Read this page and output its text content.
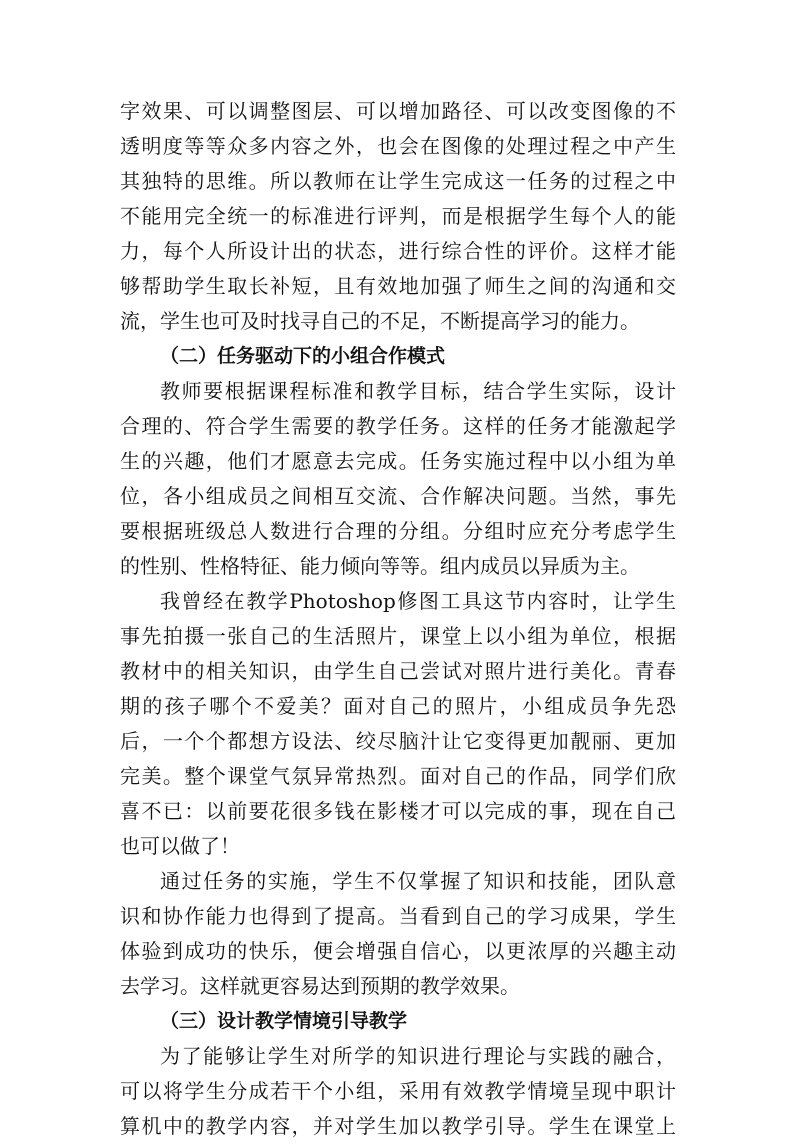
字效果、可以调整图层、可以增加路径、可以改变图像的不
透明度等等众多内容之外，也会在图像的处理过程之中产生
其独特的思维。所以教师在让学生完成这一任务的过程之中
不能用完全统一的标准进行评判，而是根据学生每个人的能
力，每个人所设计出的状态，进行综合性的评价。这样才能
够帮助学生取长补短，且有效地加强了师生之间的沟通和交
流，学生也可及时找寻自己的不足，不断提高学习的能力。
（二）任务驱动下的小组合作模式
教师要根据课程标准和教学目标，结合学生实际，设计
合理的、符合学生需要的教学任务。这样的任务才能激起学
生的兴趣，他们才愿意去完成。任务实施过程中以小组为单
位，各小组成员之间相互交流、合作解决问题。当然，事先
要根据班级总人数进行合理的分组。分组时应充分考虑学生
的性别、性格特征、能力倾向等等。组内成员以异质为主。
我曾经在教学Photoshop修图工具这节内容时，让学生
事先拍摄一张自己的生活照片，课堂上以小组为单位，根据
教材中的相关知识，由学生自己尝试对照片进行美化。青春
期的孩子哪个不爱美？面对自己的照片，小组成员争先恐
后，一个个都想方设法、绞尽脑汁让它变得更加靓丽、更加
完美。整个课堂气氛异常热烈。面对自己的作品，同学们欣
喜不已：以前要花很多钱在影楼才可以完成的事，现在自己
也可以做了！
通过任务的实施，学生不仅掌握了知识和技能，团队意
识和协作能力也得到了提高。当看到自己的学习成果，学生
体验到成功的快乐，便会增强自信心，以更浓厚的兴趣主动
去学习。这样就更容易达到预期的教学效果。
（三）设计教学情境引导教学
为了能够让学生对所学的知识进行理论与实践的融合，
可以将学生分成若干个小组，采用有效教学情境呈现中职计
算机中的教学内容，并对学生加以教学引导。学生在课堂上
